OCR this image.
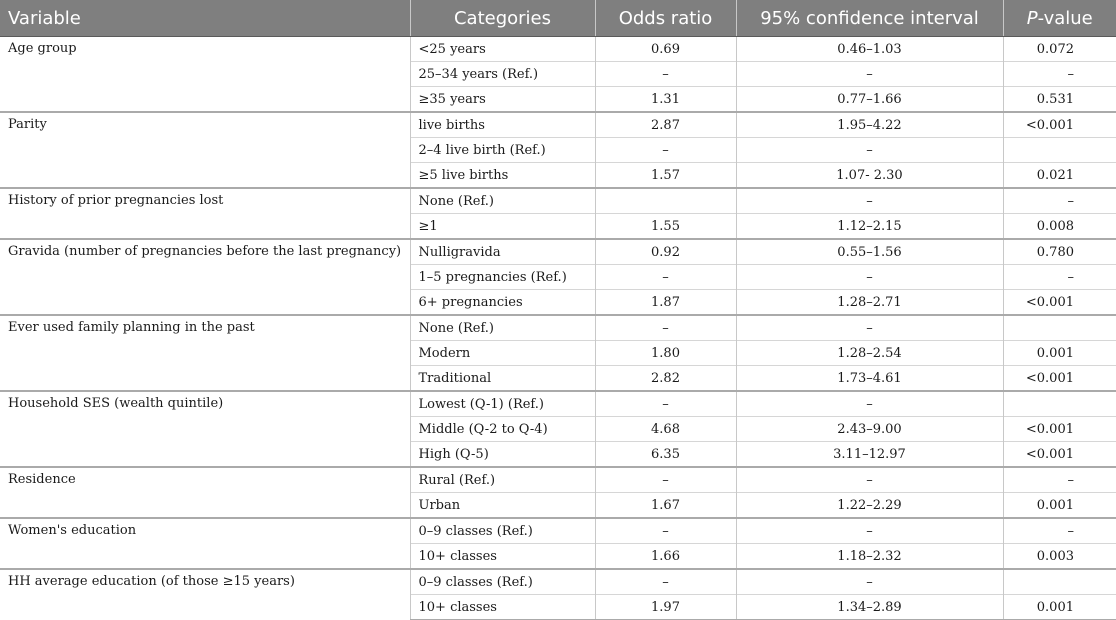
Variable	Categories	Odds ratio	95% confidence interval	P-value
Age group	<25 years	0.69	0.46–1.03	0.072
	25–34 years (Ref.)	–	–	–
	≥35 years	1.31	0.77–1.66	0.531
Parity	live births	2.87	1.95–4.22	<0.001
	2–4 live birth (Ref.)	–	–	
	≥5 live births	1.57	1.07- 2.30	0.021
History of prior pregnancies lost	None (Ref.)		–	–
	≥1	1.55	1.12–2.15	0.008
Gravida (number of pregnancies before the last pregnancy)	Nulligravida	0.92	0.55–1.56	0.780
	1–5 pregnancies (Ref.)	–	–	–
	6+ pregnancies	1.87	1.28–2.71	<0.001
Ever used family planning in the past	None (Ref.)	–	–	
	Modern	1.80	1.28–2.54	0.001
	Traditional	2.82	1.73–4.61	<0.001
Household SES (wealth quintile)	Lowest (Q-1) (Ref.)	–	–	
	Middle (Q-2 to Q-4)	4.68	2.43–9.00	<0.001
	High (Q-5)	6.35	3.11–12.97	<0.001
Residence	Rural (Ref.)	–	–	–
	Urban	1.67	1.22–2.29	0.001
Women's education	0–9 classes (Ref.)	–	–	–
	10+ classes	1.66	1.18–2.32	0.003
HH average education (of those ≥15 years)	0–9 classes (Ref.)	–	–	
	10+ classes	1.97	1.34–2.89	0.001
